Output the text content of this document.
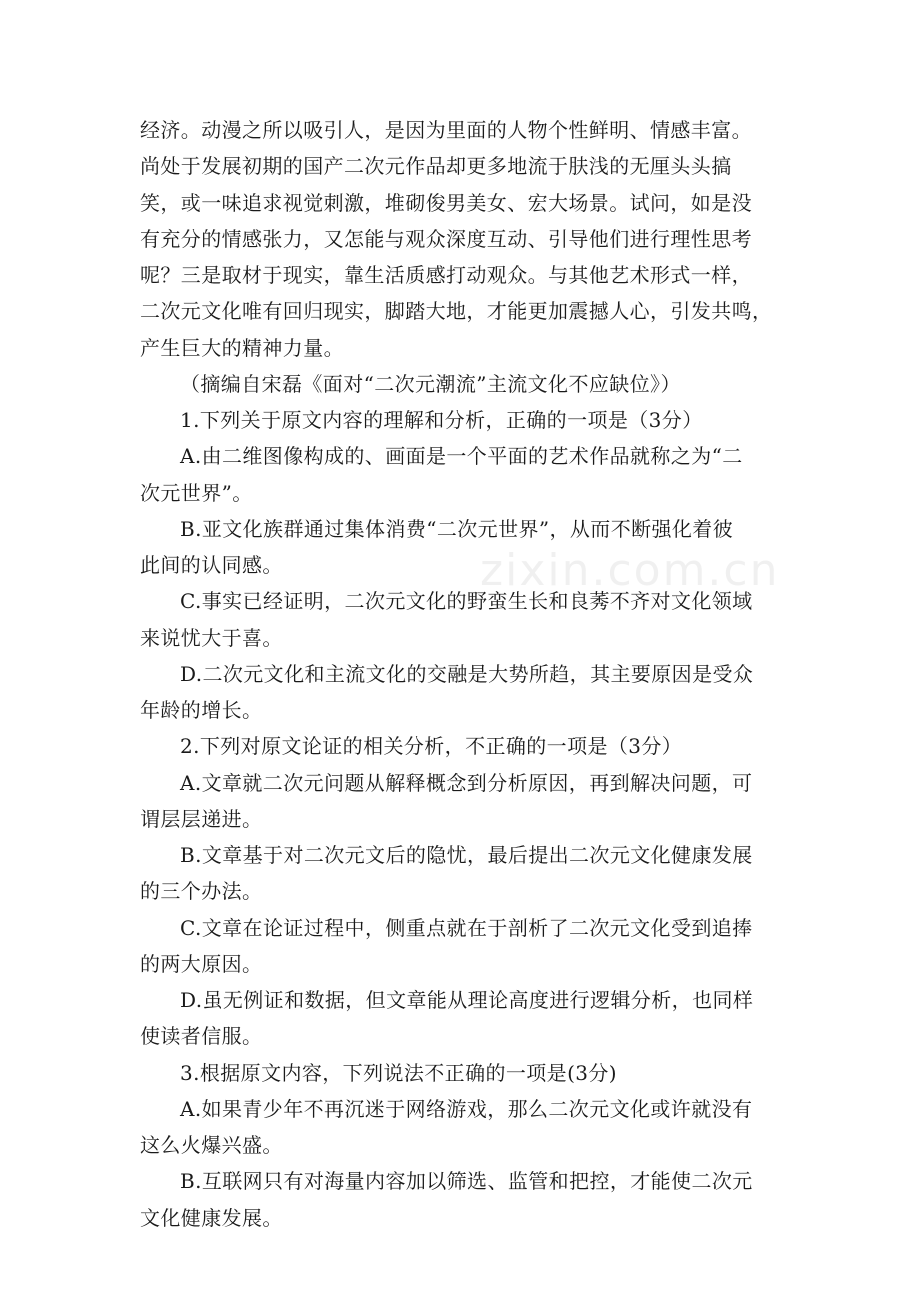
经济。动漫之所以吸引人，是因为里面的人物个性鲜明、情感丰富。
尚处于发展初期的国产二次元作品却更多地流于肤浅的无厘头头搞
笑，或一味追求视觉刺激，堆砌俊男美女、宏大场景。试问，如是没
有充分的情感张力，又怎能与观众深度互动、引导他们进行理性思考
呢？三是取材于现实，靠生活质感打动观众。与其他艺术形式一样，
二次元文化唯有回归现实，脚踏大地，才能更加震撼人心，引发共鸣，
产生巨大的精神力量。
（摘编自宋磊《面对“二次元潮流”主流文化不应缺位》）
1.下列关于原文内容的理解和分析，正确的一项是（3分）
A.由二维图像构成的、画面是一个平面的艺术作品就称之为“二
次元世界”。
B.亚文化族群通过集体消费“二次元世界”，从而不断强化着彼
此间的认同感。
C.事实已经证明，二次元文化的野蛮生长和良莠不齐对文化领域
来说忧大于喜。
D.二次元文化和主流文化的交融是大势所趋，其主要原因是受众
年龄的增长。
2.下列对原文论证的相关分析，不正确的一项是（3分）
A.文章就二次元问题从解释概念到分析原因，再到解决问题，可
谓层层递进。
B.文章基于对二次元文后的隐忧，最后提出二次元文化健康发展
的三个办法。
C.文章在论证过程中，侧重点就在于剖析了二次元文化受到追捧
的两大原因。
D.虽无例证和数据，但文章能从理论高度进行逻辑分析，也同样
使读者信服。
3.根据原文内容，下列说法不正确的一项是(3分)
A.如果青少年不再沉迷于网络游戏，那么二次元文化或许就没有
这么火爆兴盛。
B.互联网只有对海量内容加以筛选、监管和把控，才能使二次元
文化健康发展。
zixin.com.cn
